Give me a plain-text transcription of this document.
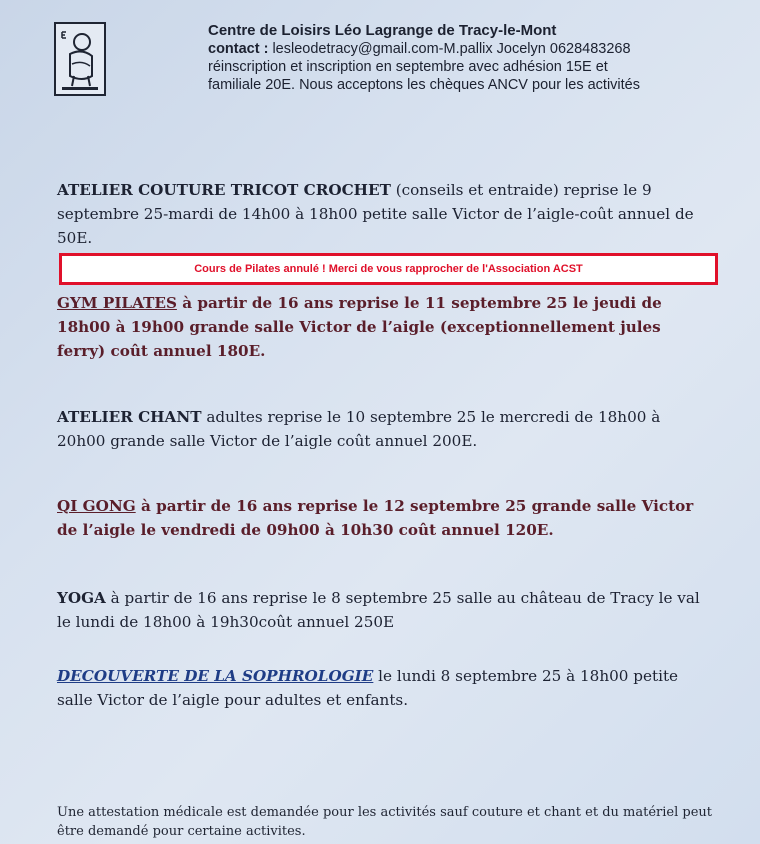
Centre de Loisirs Léo Lagrange de Tracy-le-Mont
contact : lesleodetracy@gmail.com-M.pallix Jocelyn 0628483268
réinscription et inscription en septembre avec adhésion 15E et
familiale 20E. Nous acceptons les chèques ANCV pour les activités
ATELIER COUTURE TRICOT CROCHET (conseils et entraide) reprise le 9 septembre 25-mardi de 14h00 à 18h00 petite salle Victor de l’aigle-coût annuel de 50E.
Cours de Pilates annulé ! Merci de vous rapprocher de l'Association ACST
GYM PILATES à partir de 16 ans reprise le 11 septembre 25 le jeudi de 18h00 à 19h00 grande salle Victor de l’aigle (exceptionnellement jules ferry) coût annuel 180E.
ATELIER CHANT adultes reprise le 10 septembre 25 le mercredi de 18h00 à 20h00 grande salle Victor de l’aigle coût annuel 200E.
QI GONG à partir de 16 ans reprise le 12 septembre 25 grande salle Victor de l’aigle le vendredi de 09h00 à 10h30 coût annuel 120E.
YOGA à partir de 16 ans reprise le 8 septembre 25 salle au château de Tracy le val le lundi de 18h00 à 19h30coût annuel 250E
DECOUVERTE DE LA SOPHROLOGIE le lundi 8 septembre 25 à 18h00 petite salle Victor de l’aigle pour adultes et enfants.
Une attestation médicale est demandée pour les activités sauf couture et chant et du matériel peut être demandé pour certaine activites.
